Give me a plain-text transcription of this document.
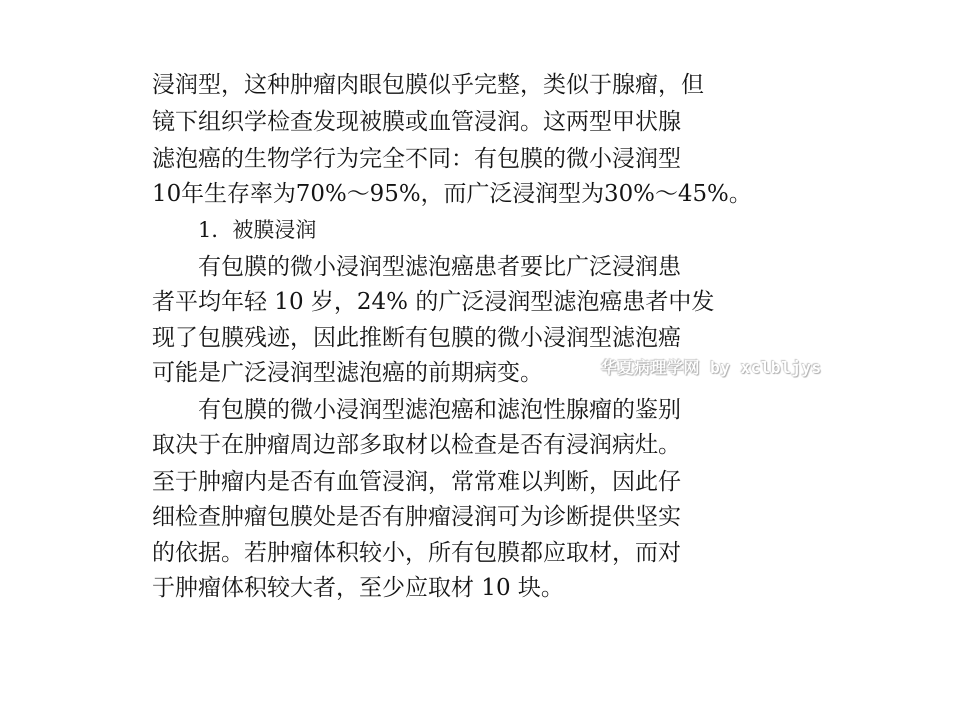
浸润型，这种肿瘤肉眼包膜似乎完整，类似于腺瘤，但
镜下组织学检查发现被膜或血管浸润。这两型甲状腺
滤泡癌的生物学行为完全不同：有包膜的微小浸润型
10年生存率为70%～95%，而广泛浸润型为30%～45%。
1．被膜浸润
有包膜的微小浸润型滤泡癌患者要比广泛浸润患
者平均年轻 10 岁，24% 的广泛浸润型滤泡癌患者中发
现了包膜残迹，因此推断有包膜的微小浸润型滤泡癌
可能是广泛浸润型滤泡癌的前期病变。
有包膜的微小浸润型滤泡癌和滤泡性腺瘤的鉴别
取决于在肿瘤周边部多取材以检查是否有浸润病灶。
至于肿瘤内是否有血管浸润，常常难以判断，因此仔
细检查肿瘤包膜处是否有肿瘤浸润可为诊断提供坚实
的依据。若肿瘤体积较小，所有包膜都应取材，而对
于肿瘤体积较大者，至少应取材 10 块。
华夏病理学网 by xclbljys
